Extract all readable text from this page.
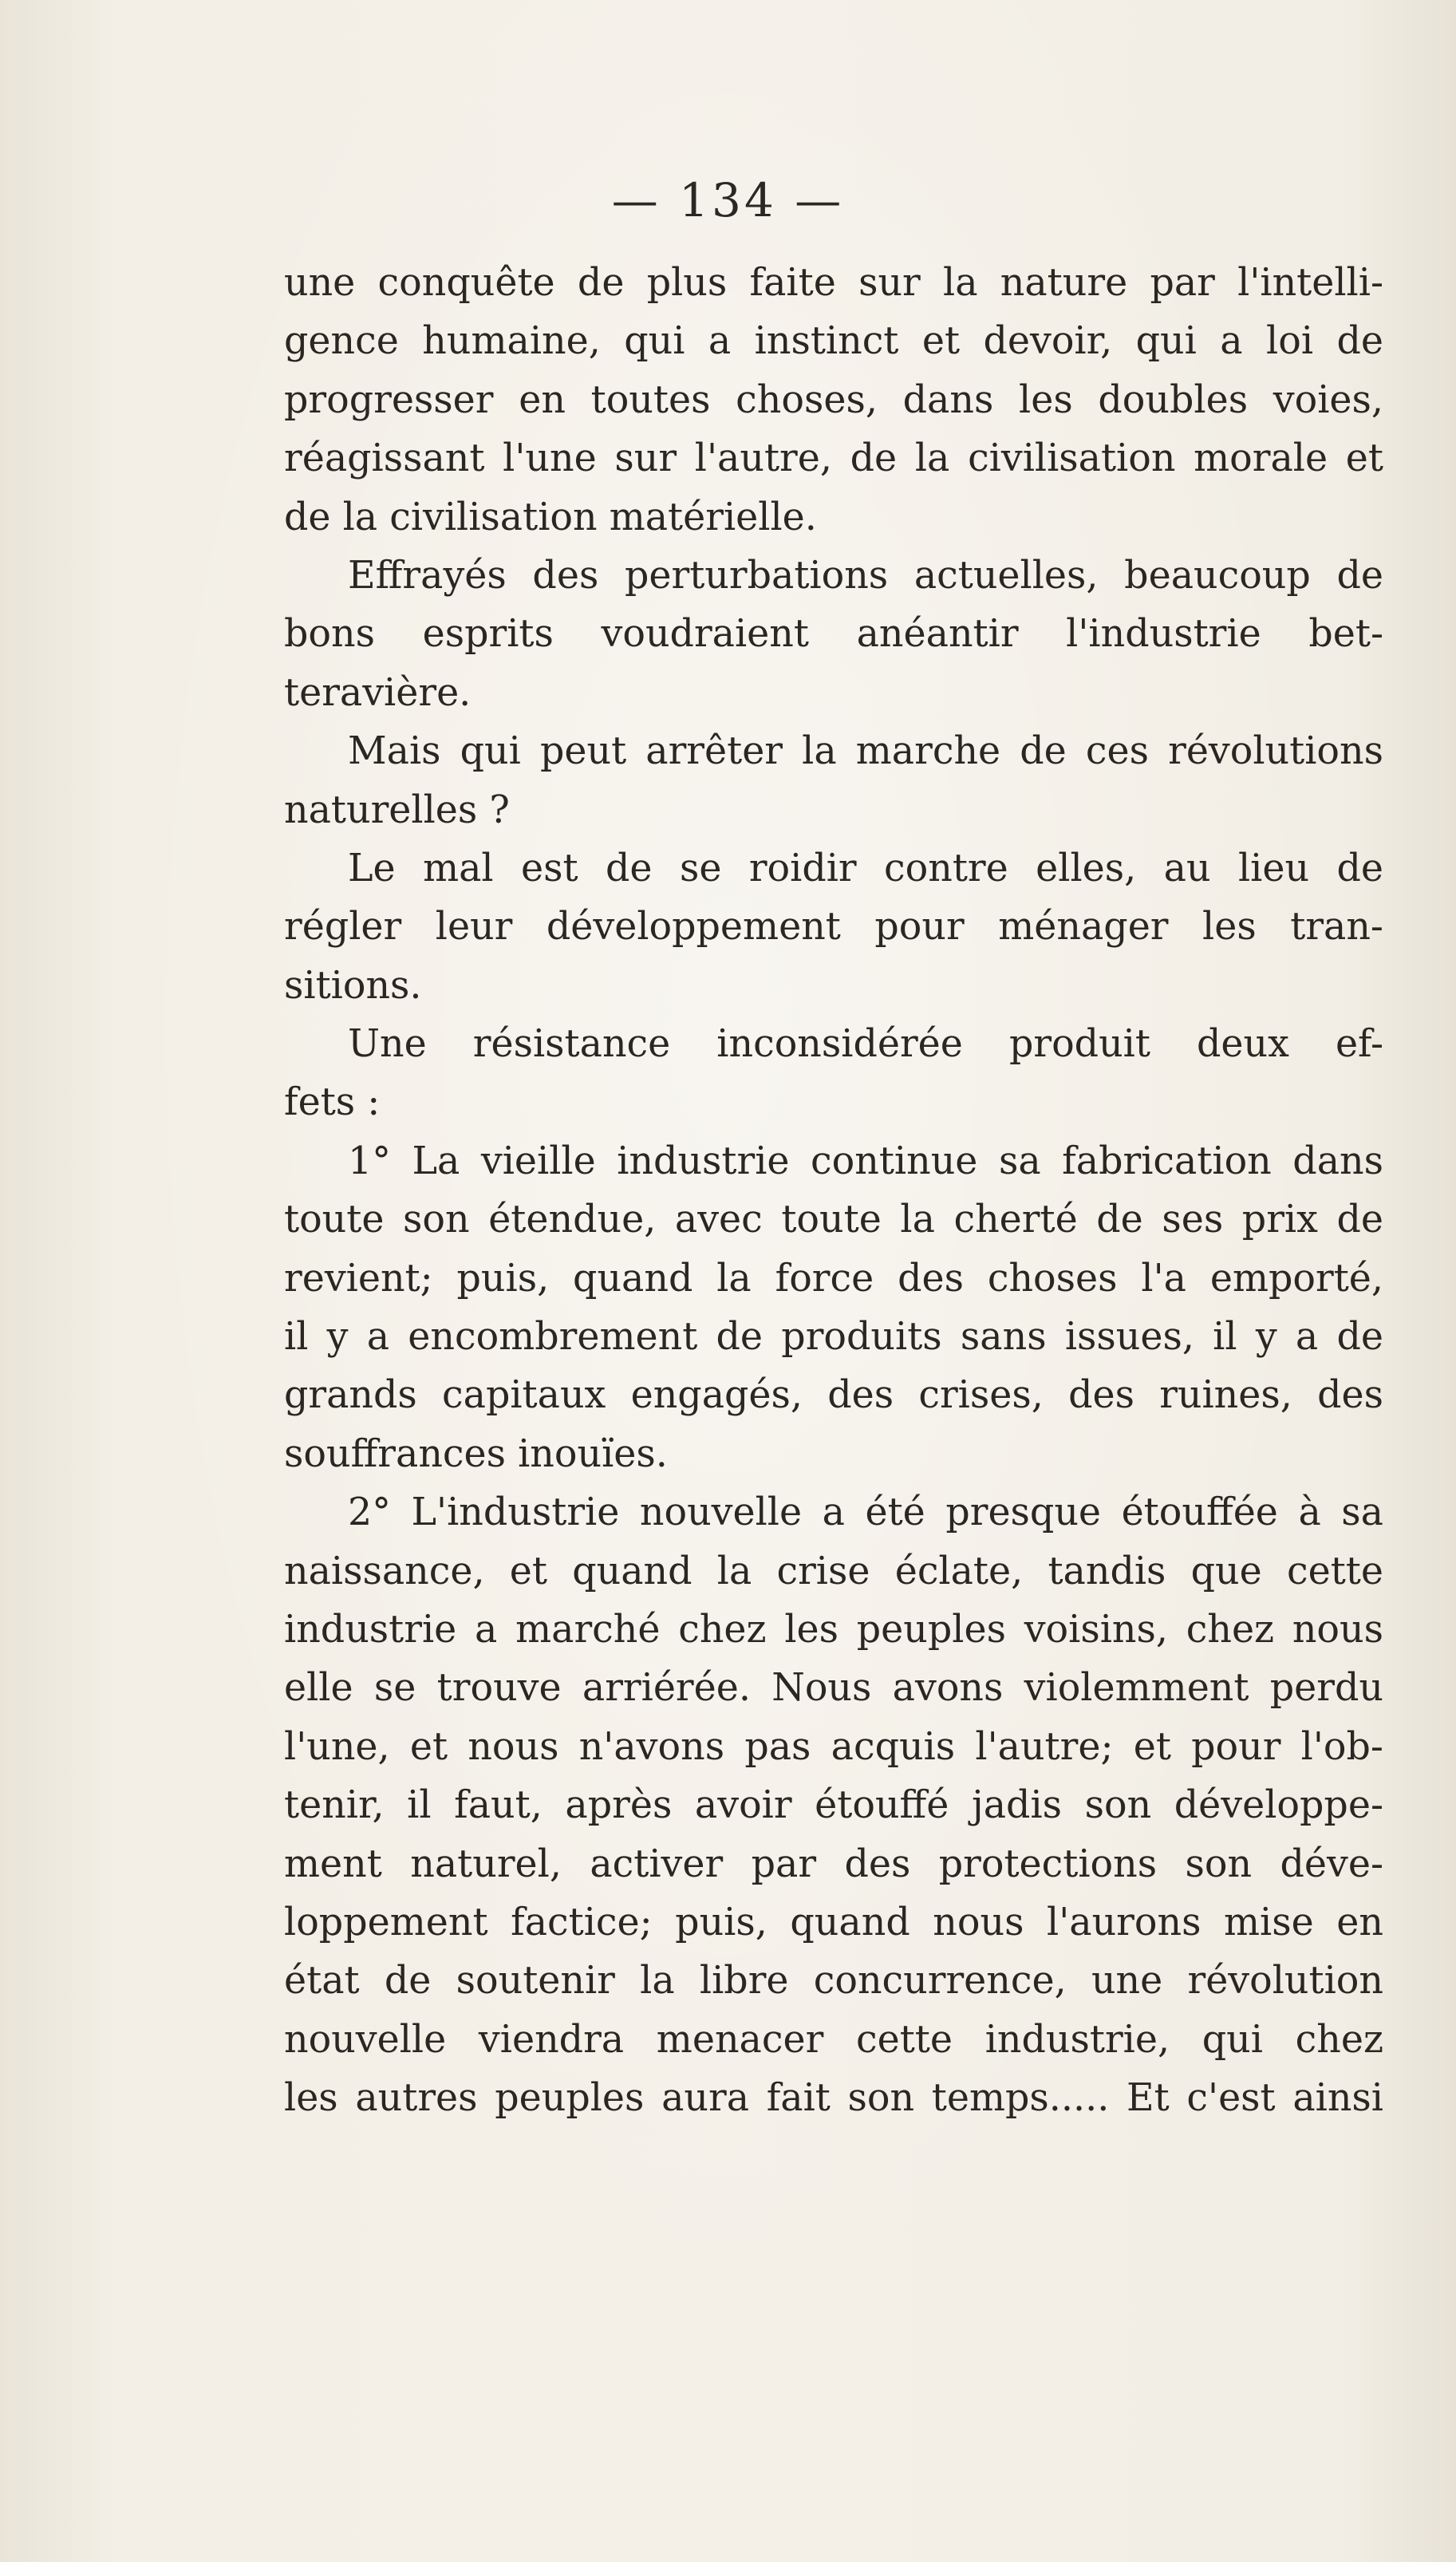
— 134 —
une conquête de plus faite sur la nature par l'intelli-
gence humaine, qui a instinct et devoir, qui a loi de
progresser en toutes choses, dans les doubles voies,
réagissant l'une sur l'autre, de la civilisation morale et
de la civilisation matérielle.
Effrayés des perturbations actuelles, beaucoup de
bons esprits voudraient anéantir l'industrie bet-
teravière.
Mais qui peut arrêter la marche de ces révolutions
naturelles ?
Le mal est de se roidir contre elles, au lieu de
régler leur développement pour ménager les tran-
sitions.
Une résistance inconsidérée produit deux ef-
fets :
1° La vieille industrie continue sa fabrication dans
toute son étendue, avec toute la cherté de ses prix de
revient; puis, quand la force des choses l'a emporté,
il y a encombrement de produits sans issues, il y a de
grands capitaux engagés, des crises, des ruines, des
souffrances inouïes.
2° L'industrie nouvelle a été presque étouffée à sa
naissance, et quand la crise éclate, tandis que cette
industrie a marché chez les peuples voisins, chez nous
elle se trouve arriérée. Nous avons violemment perdu
l'une, et nous n'avons pas acquis l'autre; et pour l'ob-
tenir, il faut, après avoir étouffé jadis son développe-
ment naturel, activer par des protections son déve-
loppement factice; puis, quand nous l'aurons mise en
état de soutenir la libre concurrence, une révolution
nouvelle viendra menacer cette industrie, qui chez
les autres peuples aura fait son temps..... Et c'est ainsi
